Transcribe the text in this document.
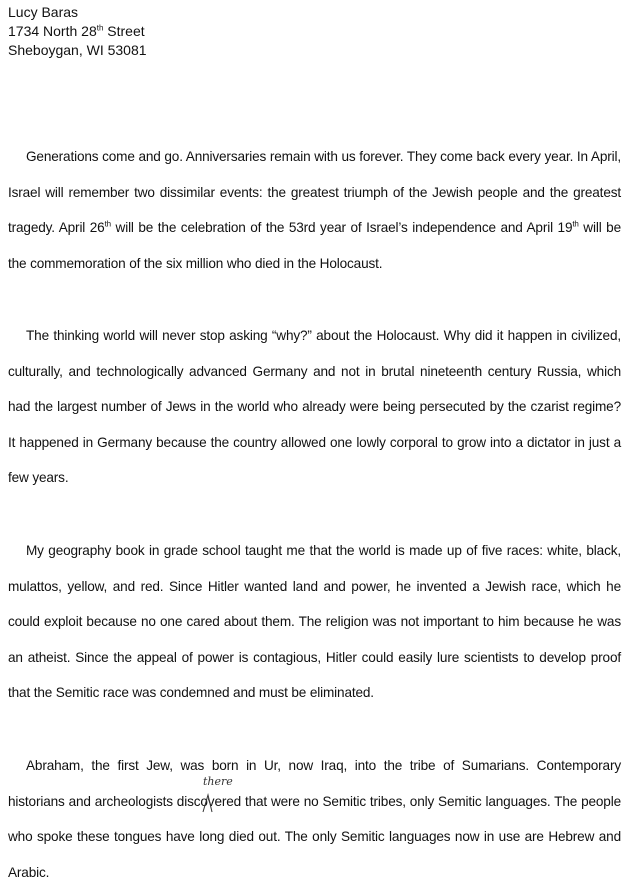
Lucy Baras
1734 North 28th Street
Sheboygan, WI 53081
Generations come and go. Anniversaries remain with us forever. They come back every year. In April, Israel will remember two dissimilar events: the greatest triumph of the Jewish people and the greatest tragedy. April 26th will be the celebration of the 53rd year of Israel’s independence and April 19th will be the commemoration of the six million who died in the Holocaust.
The thinking world will never stop asking “why?” about the Holocaust. Why did it happen in civilized, culturally, and technologically advanced Germany and not in brutal nineteenth century Russia, which had the largest number of Jews in the world who already were being persecuted by the czarist regime? It happened in Germany because the country allowed one lowly corporal to grow into a dictator in just a few years.
My geography book in grade school taught me that the world is made up of five races: white, black, mulattos, yellow, and red. Since Hitler wanted land and power, he invented a Jewish race, which he could exploit because no one cared about them. The religion was not important to him because he was an atheist. Since the appeal of power is contagious, Hitler could easily lure scientists to develop proof that the Semitic race was condemned and must be eliminated.
Abraham, the first Jew, was born in Ur, now Iraq, into the tribe of Sumarians. Contemporary historians and archeologists discovered that were no Semitic tribes, only Semitic languages. The people who spoke these tongues have long died out. The only Semitic languages now in use are Hebrew and Arabic.
there
